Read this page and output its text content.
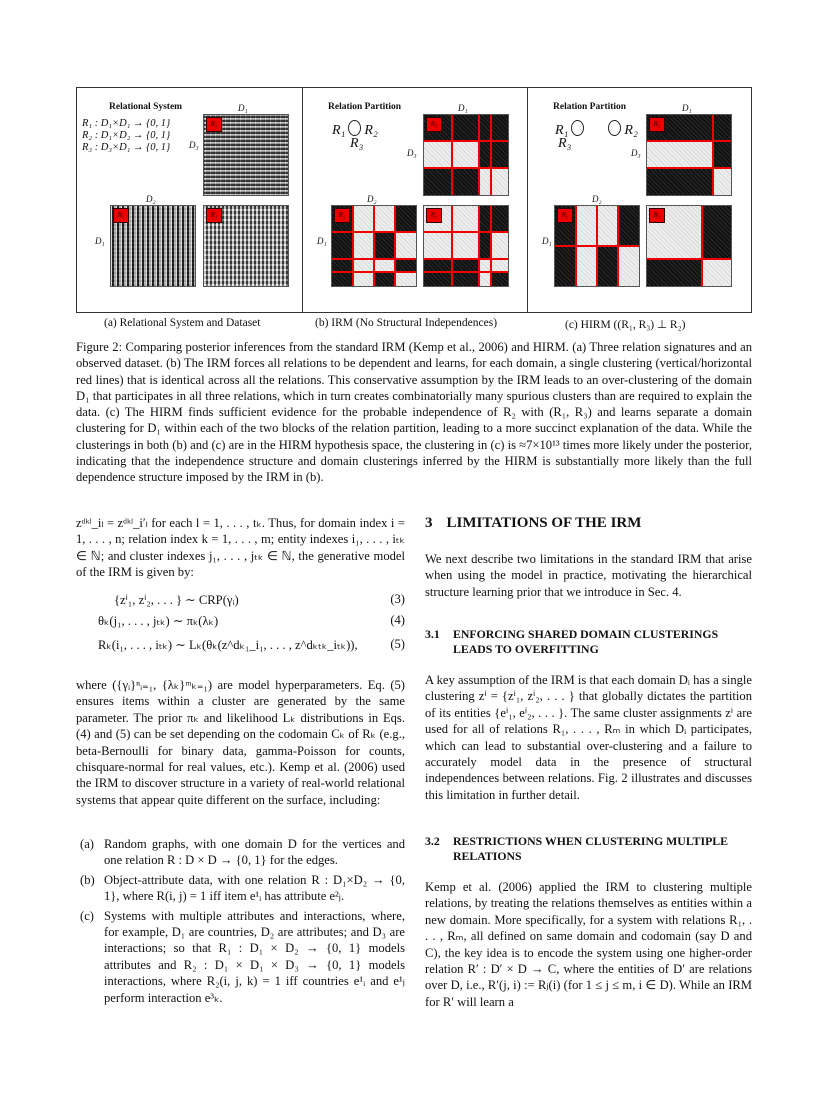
Relational System
R₁ : D₁×D₁ → {0, 1}
R₂ : D₁×D₂ → {0, 1}
R₃ : D₃×D₁ → {0, 1}
D₁
D₃
D₂
D₁
R₃
R₂	R₁
Relation Partition
R₁ R₂
R₃
D₁
D₃
D₂
D₁
R₃
R₂	R₁
Relation Partition
R₁	R₂
R₃
D₁
D₃
D₂
D₁
R₃
R₂	R₁
(a) Relational System and Dataset	(b) IRM (No Structural Independences)	(c) HIRM ((R₁, R₃) ⊥ R₂)

Figure 2: Comparing posterior inferences from the standard IRM (Kemp et al., 2006) and HIRM. (a) Three relation signatures and an observed dataset. (b) The IRM forces all relations to be dependent and learns, for each domain, a single clustering (vertical/horizontal red lines) that is identical across all the relations. This conservative assumption by the IRM leads to an over-clustering of the domain D₁ that participates in all three relations, which in turn creates combinatorially many spurious clusters than are required to explain the data. (c) The HIRM finds sufficient evidence for the probable independence of R₂ with (R₁, R₃) and learns separate a domain clustering for D₁ within each of the two blocks of the relation partition, leading to a more succinct explanation of the data. While the clusterings in both (b) and (c) are in the HIRM hypothesis space, the clustering in (c) is ≈7×10¹³ times more likely under the posterior, indicating that the independence structure and domain clusterings inferred by the HIRM is substantially more likely than the full dependence structure imposed by the IRM in (b).

zᵈᵏˡ_iₗ = zᵈᵏˡ_i′ₗ for each l = 1, . . . , tₖ. Thus, for domain index i = 1, . . . , n; relation index k = 1, . . . , m; entity indexes i₁, . . . , iₜₖ ∈ ℕ; and cluster indexes j₁, . . . , jₜₖ ∈ ℕ, the generative model of the IRM is given by:

{zⁱ₁, zⁱ₂, . . . } ∼ CRP(γᵢ)	(3)
θₖ(j₁, . . . , jₜₖ) ∼ πₖ(λₖ)	(4)
Rₖ(i₁, . . . , iₜₖ) ∼ Lₖ(θₖ(z^dₖ₁_i₁, . . . , z^dₖₜₖ_iₜₖ)),	(5)

where ({γᵢ}ⁿᵢ₌₁, {λₖ}ᵐₖ₌₁) are model hyperparameters. Eq. (5) ensures items within a cluster are generated by the same parameter. The prior πₖ and likelihood Lₖ distributions in Eqs. (4) and (5) can be set depending on the codomain Cₖ of Rₖ (e.g., beta-Bernoulli for binary data, gamma-Poisson for counts, chisquare-normal for real values, etc.). Kemp et al. (2006) used the IRM to discover structure in a variety of real-world relational systems that appear quite different on the surface, including:

(a) Random graphs, with one domain D for the vertices and one relation R : D × D → {0, 1} for the edges.
(b) Object-attribute data, with one relation R : D₁×D₂ → {0, 1}, where R(i, j) = 1 iff item e¹ᵢ has attribute e²ⱼ.
(c) Systems with multiple attributes and interactions, where, for example, D₁ are countries, D₂ are attributes; and D₃ are interactions; so that R₁ : D₁ × D₂ → {0, 1} models attributes and R₂ : D₁ × D₁ × D₃ → {0, 1} models interactions, where R₂(i, j, k) = 1 iff countries e¹ᵢ and e¹ⱼ perform interaction e³ₖ.
3 LIMITATIONS OF THE IRM

We next describe two limitations in the standard IRM that arise when using the model in practice, motivating the hierarchical structure learning prior that we introduce in Sec. 4.

3.1	ENFORCING SHARED DOMAIN CLUSTERINGS LEADS TO OVERFITTING

A key assumption of the IRM is that each domain Dᵢ has a single clustering zⁱ = {zⁱ₁, zⁱ₂, . . . } that globally dictates the partition of its entities {eⁱ₁, eⁱ₂, . . . }. The same cluster assignments zⁱ are used for all of relations R₁, . . . , Rₘ in which Dᵢ participates, which can lead to substantial over-clustering and a failure to accurately model data in the presence of structural independences between relations. Fig. 2 illustrates and discusses this limitation in further detail.

3.2	RESTRICTIONS WHEN CLUSTERING MULTIPLE RELATIONS

Kemp et al. (2006) applied the IRM to clustering multiple relations, by treating the relations themselves as entities within a new domain. More specifically, for a system with relations R₁, . . . , Rₘ, all defined on same domain and codomain (say D and C), the key idea is to encode the system using one higher-order relation R′ : D′ × D → C, where the entities of D′ are relations over D, i.e., R′(j, i) := Rⱼ(i) (for 1 ≤ j ≤ m, i ∈ D). While an IRM for R′ will learn a
